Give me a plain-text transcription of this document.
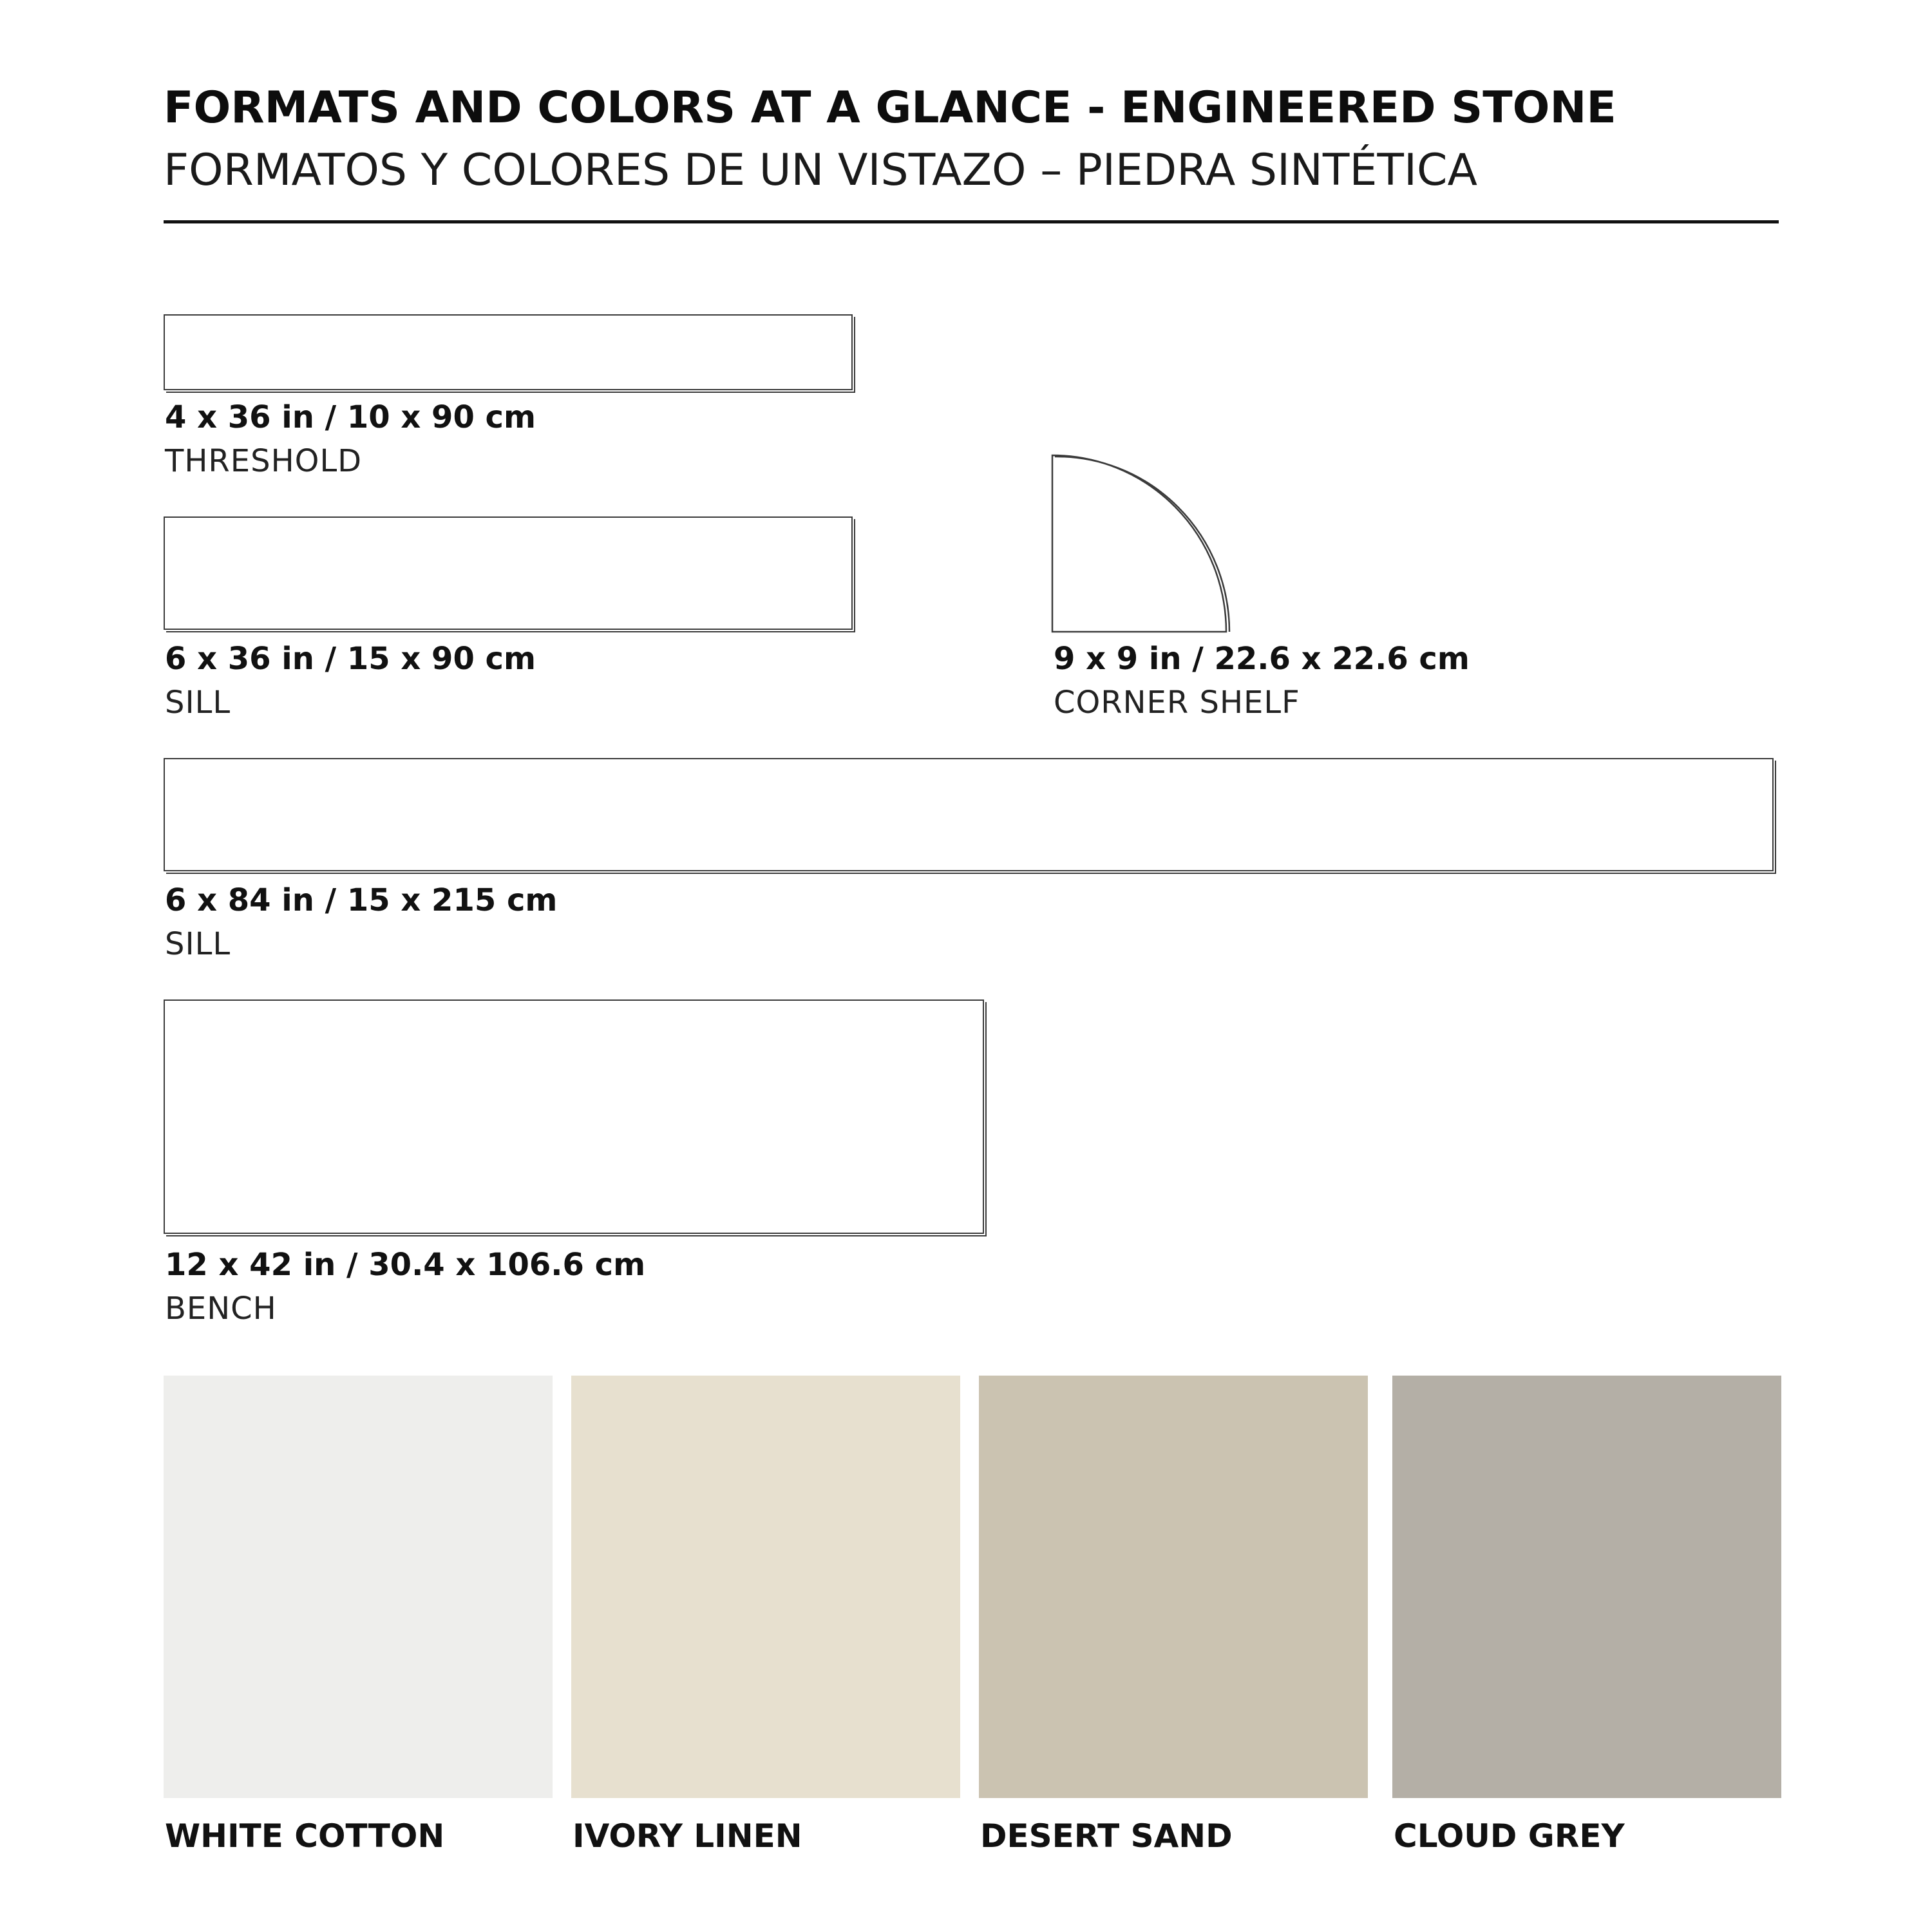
FORMATS AND COLORS AT A GLANCE - ENGINEERED STONE
FORMATOS Y COLORES DE UN VISTAZO – PIEDRA SINTÉTICA
4 x 36 in / 10 x 90 cm
THRESHOLD
6 x 36 in / 15 x 90 cm
SILL
9 x 9 in / 22.6 x 22.6 cm
CORNER SHELF
6 x 84 in / 15 x 215 cm
SILL
12 x 42 in / 30.4 x 106.6 cm
BENCH
WHITE COTTON	IVORY LINEN	DESERT SAND	CLOUD GREY
